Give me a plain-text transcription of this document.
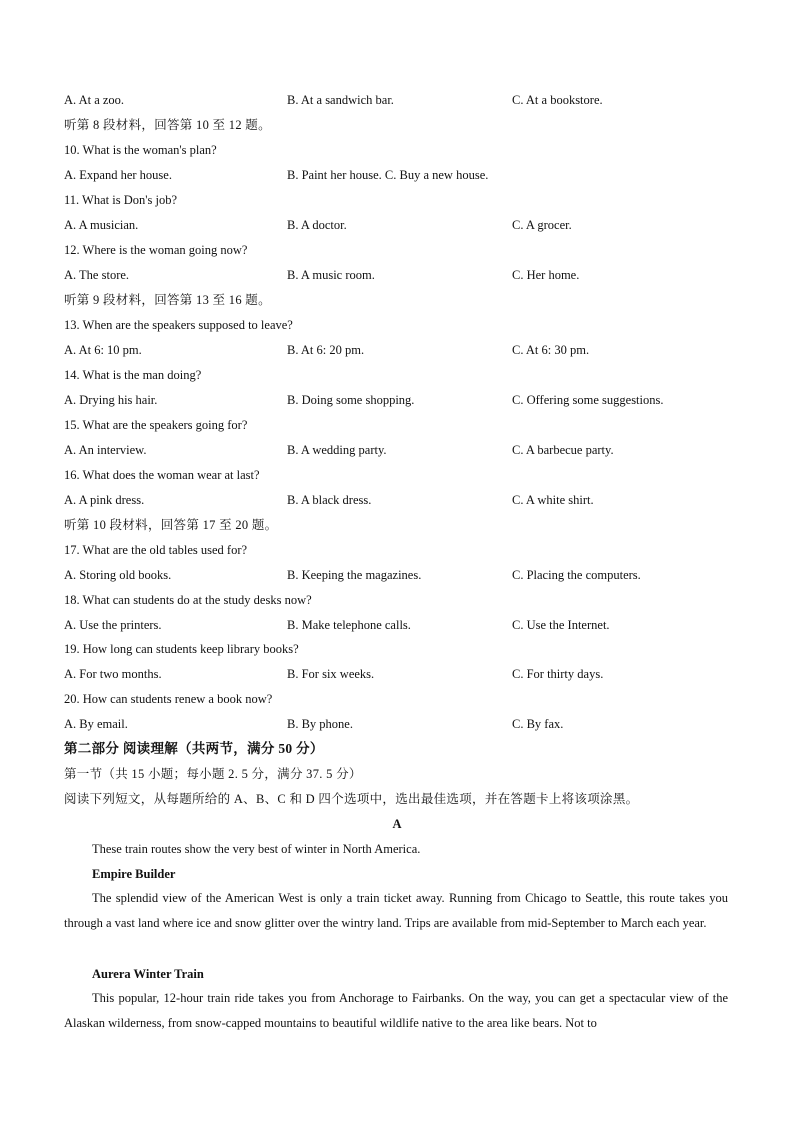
A. At a zoo.	B. At a sandwich bar.	C. At a bookstore.
听第 8 段材料，回答第 10 至 12 题。
10. What is the woman's plan?
A. Expand her house.	B. Paint her house. C. Buy a new house.
11. What is Don's job?
A. A musician.	B. A doctor.	C. A grocer.
12. Where is the woman going now?
A. The store.	B. A music room.	C. Her home.
听第 9 段材料，回答第 13 至 16 题。
13. When are the speakers supposed to leave?
A. At 6: 10 pm.	B. At 6: 20 pm.	C. At 6: 30 pm.
14. What is the man doing?
A. Drying his hair.	B. Doing some shopping.	C. Offering some suggestions.
15. What are the speakers going for?
A. An interview.	B. A wedding party.	C. A barbecue party.
16. What does the woman wear at last?
A. A pink dress.	B. A black dress.	C. A white shirt.
听第 10 段材料，回答第 17 至 20 题。
17. What are the old tables used for?
A. Storing old books.	B. Keeping the magazines.	C. Placing the computers.
18. What can students do at the study desks now?
A. Use the printers.	B. Make telephone calls.	C. Use the Internet.
19. How long can students keep library books?
A. For two months.	B. For six weeks.	C. For thirty days.
20. How can students renew a book now?
A. By email.	B. By phone.	C. By fax.
第二部分 阅读理解（共两节，满分 50 分）
第一节（共 15 小题；每小题 2. 5 分，满分 37. 5 分）
阅读下列短文，从每题所给的 A、B、C 和 D 四个选项中，选出最佳选项，并在答题卡上将该项涂黑。
A
These train routes show the very best of winter in North America.
Empire Builder
The splendid view of the American West is only a train ticket away. Running from Chicago to Seattle, this route takes you through a vast land where ice and snow glitter over the wintry land. Trips are available from mid-September to March each year.
Aurera Winter Train
This popular, 12-hour train ride takes you from Anchorage to Fairbanks. On the way, you can get a spectacular view of the Alaskan wilderness, from snow-capped mountains to beautiful wildlife native to the area like bears. Not to
